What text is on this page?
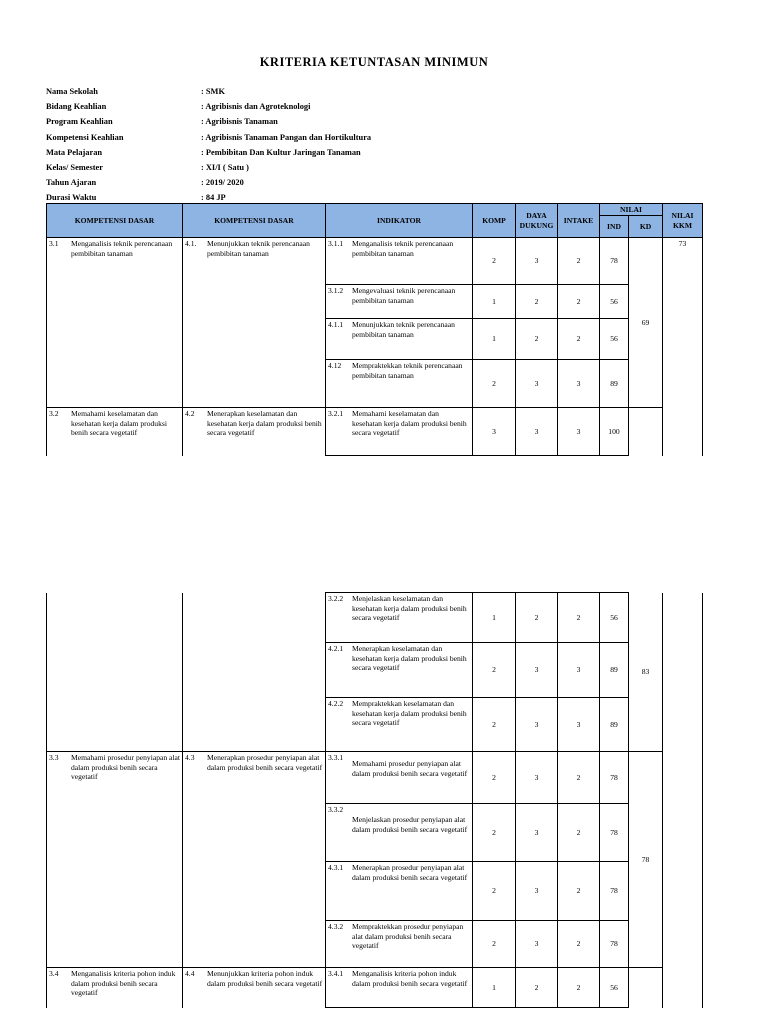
KRITERIA KETUNTASAN MINIMUN
Nama Sekolah	: SMK
Bidang Keahlian	: Agribisnis dan Agroteknologi
Program Keahlian	: Agribisnis Tanaman
Kompetensi Keahlian	: Agribisnis Tanaman Pangan dan Hortikultura
Mata Pelajaran	: Pembibitan Dan Kultur Jaringan Tanaman
Kelas/ Semester	: XI/I ( Satu )
Tahun Ajaran	: 2019/ 2020
Durasi Waktu	: 84 JP
KOMPETENSI DASAR	KOMPETENSI DASAR	INDIKATOR	KOMP	DAYA DUKUNG	INTAKE	NILAI		NILAI KKM
						IND	KD	

3.1 Menganalisis teknik perencanaan pembibitan tanaman	4.1. Menunjukkan teknik perencanaan pembibitan tanaman	3.1.1 Menganalisis teknik perencanaan pembibitan tanaman	2	3	2	78	69	73

		3.1.2 Mengevaluasi teknik perencanaan pembibitan tanaman	1	2	2	56		

		4.1.1 Menunjukkan teknik perencanaan pembibitan tanaman	1	2	2	56		

		4.12 Mempraktekkan teknik perencanaan pembibitan tanaman	2	3	3	89		

3.2 Memahami keselamatan dan kesehatan kerja dalam produksi benih secara vegetatif	4.2 Menerapkan keselamatan dan kesehatan kerja dalam produksi benih secara vegetatif	3.2.1 Memahami keselamatan dan kesehatan kerja dalam produksi benih secara vegetatif	3	3	3	100		

		3.2.2 Menjelaskan keselamatan dan kesehatan kerja dalam produksi benih secara vegetatif	1	2	2	56	83	

		4.2.1 Menerapkan keselamatan dan kesehatan kerja dalam produksi benih secara vegetatif	2	3	3	89		

		4.2.2 Mempraktekkan keselamatan dan kesehatan kerja dalam produksi benih secara vegetatif	2	3	3	89		

3.3 Memahami prosedur penyiapan alat dalam produksi benih secara vegetatif	4.3 Menerapkan prosedur penyiapan alat dalam produksi benih secara vegetatif	3.3.1
Memahami prosedur penyiapan alat dalam produksi benih secara vegetatif	2	3	2	78	78	

		3.3.2
Menjelaskan prosedur penyiapan alat dalam produksi benih secara vegetatif	2	3	2	78		

		4.3.1 Menerapkan prosedur penyiapan alat dalam produksi benih secara vegetatif	2	3	2	78		

		4.3.2 Mempraktekkan prosedur penyiapan alat dalam produksi benih secara vegetatif	2	3	2	78		

3.4 Menganalisis kriteria pohon induk dalam produksi benih secara vegetatif	4.4 Menunjukkan kriteria pohon induk dalam produksi benih secara vegetatif	3.4.1 Menganalisis kriteria pohon induk dalam produksi benih secara vegetatif	1	2	2	56		
